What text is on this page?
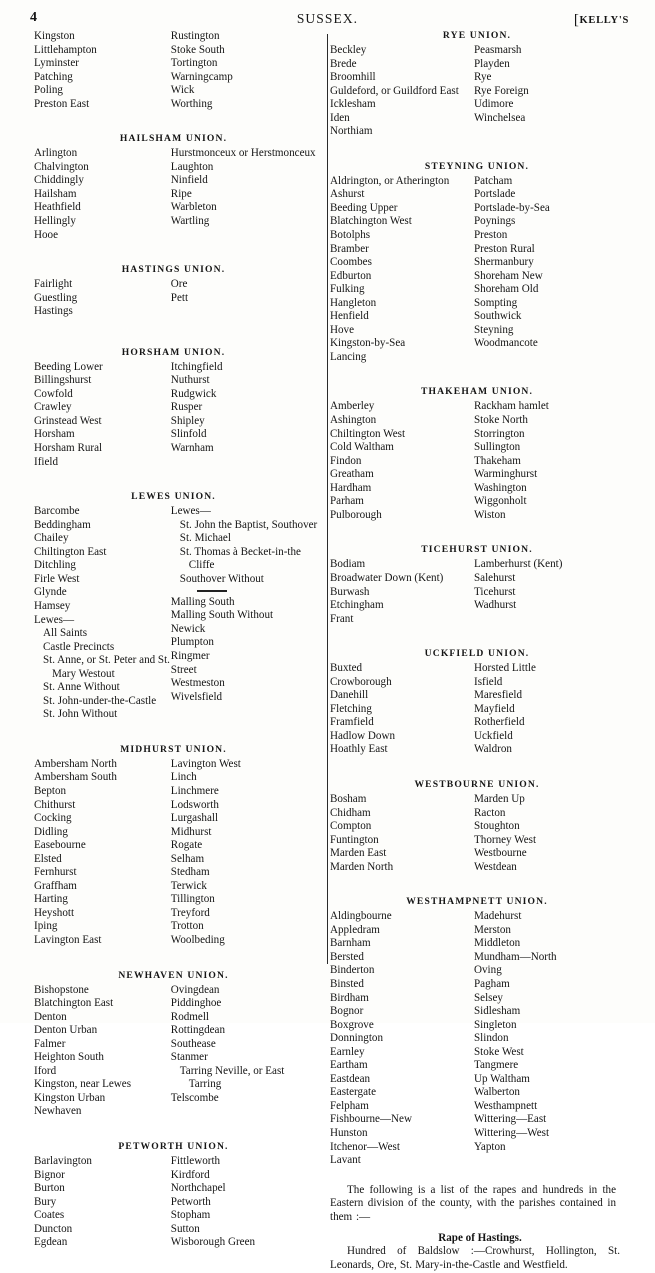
4	SUSSEX.	[KELLY'S
Kingston
Littlehampton
Lyminster
Patching
Poling
Preston East
Rustington
Stoke South
Tortington
Warningcamp
Wick
Worthing
HAILSHAM UNION.
Arlington
Chalvington
Chiddingly
Hailsham
Heathfield
Hellingly
Hooe
Hurstmonceux or Herstmonceux
Laughton
Ninfield
Ripe
Warbleton
Wartling
HASTINGS UNION.
Fairlight
Guestling
Hastings
Ore
Pett
HORSHAM UNION.
Beeding Lower
Billingshurst
Cowfold
Crawley
Grinstead West
Horsham
Horsham Rural
Ifield
Itchingfield
Nuthurst
Rudgwick
Rusper
Shipley
Slinfold
Warnham
LEWES UNION.
Barcombe
Beddingham
Chailey
Chiltington East
Ditchling
Firle West
Glynde
Hamsey
Lewes—
All Saints
Castle Precincts
St. Anne, or St. Peter and St. Mary Westout
St. Anne Without
St. John-under-the-Castle
St. John Without
Lewes—
St. John the Baptist, Southover
St. Michael
St. Thomas à Becket-in-the Cliffe
Southover Without
Malling South
Malling South Without
Newick
Plumpton
Ringmer
Street
Westmeston
Wivelsfield
MIDHURST UNION.
Ambersham North
Ambersham South
Bepton
Chithurst
Cocking
Didling
Easebourne
Elsted
Fernhurst
Graffham
Harting
Heyshott
Iping
Lavington East
Lavington West
Linch
Linchmere
Lodsworth
Lurgashall
Midhurst
Rogate
Selham
Stedham
Terwick
Tillington
Treyford
Trotton
Woolbeding
NEWHAVEN UNION.
Bishopstone
Blatchington East
Denton
Denton Urban
Falmer
Heighton South
Iford
Kingston, near Lewes
Kingston Urban
Newhaven
Ovingdean
Piddinghoe
Rodmell
Rottingdean
Southease
Stanmer
Tarring Neville, or East Tarring
Telscombe
PETWORTH UNION.
Barlavington
Bignor
Burton
Bury
Coates
Duncton
Egdean
Fittleworth
Kirdford
Northchapel
Petworth
Stopham
Sutton
Wisborough Green
RYE UNION.
Beckley
Brede
Broomhill
Guldeford, or Guildford East
Icklesham
Iden
Northiam
Peasmarsh
Playden
Rye
Rye Foreign
Udimore
Winchelsea
STEYNING UNION.
Aldrington, or Atherington
Ashurst
Beeding Upper
Blatchington West
Botolphs
Bramber
Coombes
Edburton
Fulking
Hangleton
Henfield
Hove
Kingston-by-Sea
Lancing
Patcham
Portslade
Portslade-by-Sea
Poynings
Preston
Preston Rural
Shermanbury
Shoreham New
Shoreham Old
Sompting
Southwick
Steyning
Woodmancote
THAKEHAM UNION.
Amberley
Ashington
Chiltington West
Cold Waltham
Findon
Greatham
Hardham
Parham
Pulborough
Rackham hamlet
Stoke North
Storrington
Sullington
Thakeham
Warminghurst
Washington
Wiggonholt
Wiston
TICEHURST UNION.
Bodiam
Broadwater Down (Kent)
Burwash
Etchingham
Frant
Lamberhurst (Kent)
Salehurst
Ticehurst
Wadhurst
UCKFIELD UNION.
Buxted
Crowborough
Danehill
Fletching
Framfield
Hadlow Down
Hoathly East
Horsted Little
Isfield
Maresfield
Mayfield
Rotherfield
Uckfield
Waldron
WESTBOURNE UNION.
Bosham
Chidham
Compton
Funtington
Marden East
Marden North
Marden Up
Racton
Stoughton
Thorney West
Westbourne
Westdean
WESTHAMPNETT UNION.
Aldingbourne
Appledram
Barnham
Bersted
Binderton
Binsted
Birdham
Bognor
Boxgrove
Donnington
Earnley
Eartham
Eastdean
Eastergate
Felpham
Fishbourne—New
Hunston
Itchenor—West
Lavant
Madehurst
Merston
Middleton
Mundham—North
Oving
Pagham
Selsey
Sidlesham
Singleton
Slindon
Stoke West
Tangmere
Up Waltham
Walberton
Westhampnett
Wittering—East
Wittering—West
Yapton
The following is a list of the rapes and hundreds in the Eastern division of the county, with the parishes contained in them :—
Rape of Hastings.
Hundred of Baldslow :—Crowhurst, Hollington, St. Leonards, Ore, St. Mary-in-the-Castle and Westfield.
